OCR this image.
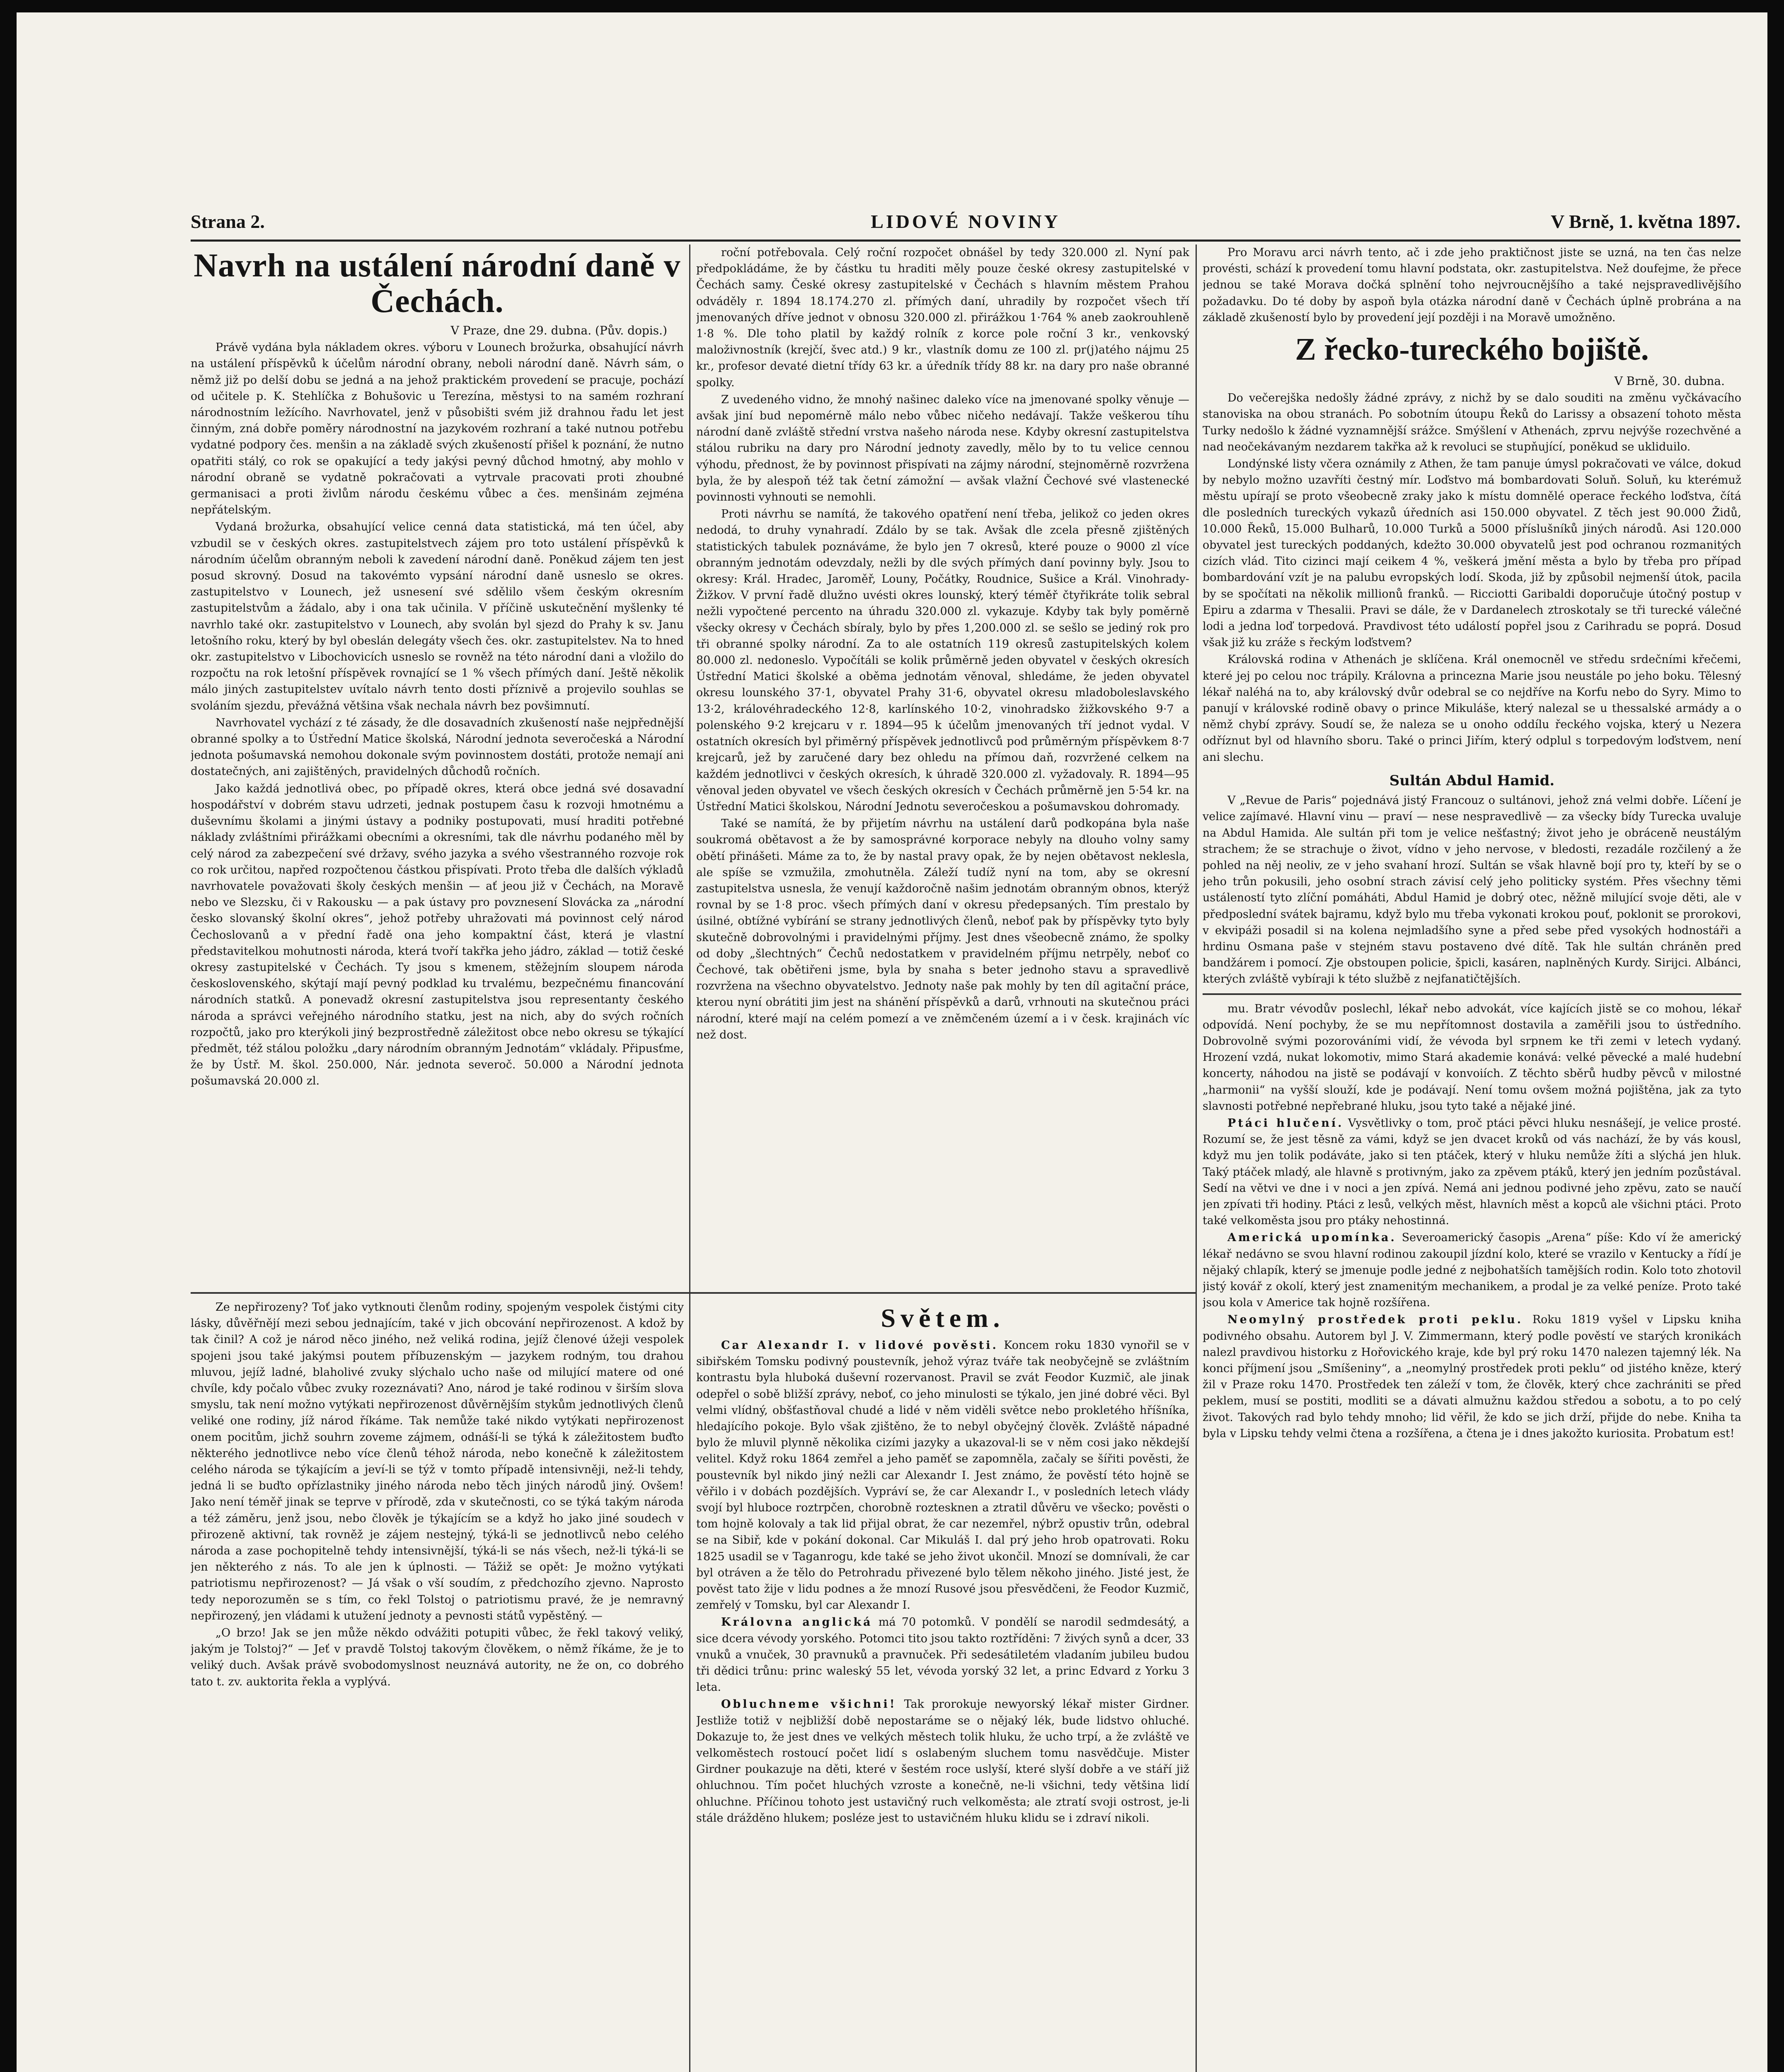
Strana 2.	LIDOVÉ NOVINY	V Brně, 1. května 1897.
Navrh na ustálení národní daně v Čechách.
V Praze, dne 29. dubna. (Pův. dopis.)

Právě vydána byla nákladem okres. výboru v Lounech brožurka, obsahující návrh na ustálení příspěvků k účelům národní obrany, neboli národní daně. Návrh sám, o němž již po delší dobu se jedná a na jehož praktickém provedení se pracuje, pochází od učitele p. K. Stehlíčka z Bohušovic u Terezína, městysi to na samém rozhraní národnostním ležícího. Navrhovatel, jenž v působišti svém již drahnou řadu let jest činným, zná dobře poměry národnostní na jazykovém rozhraní a také nutnou potřebu vydatné podpory čes. menšin a na základě svých zkušeností přišel k poznání, že nutno opatřiti stálý, co rok se opakující a tedy jakýsi pevný důchod hmotný, aby mohlo v národní obraně se vydatně pokračovati a vytrvale pracovati proti zhoubné germanisaci a proti živlům národu českému vůbec a čes. menšinám zejména nepřátelským.

Vydaná brožurka, obsahující velice cenná data statistická, má ten účel, aby vzbudil se v českých okres. zastupitelstvech zájem pro toto ustálení příspěvků k národním účelům obranným neboli k zavedení národní daně. Poněkud zájem ten jest posud skrovný. Dosud na takovémto vypsání národní daně usneslo se okres. zastupitelstvo v Lounech, jež usnesení své sdělilo všem českým okresním zastupitelstvům a žádalo, aby i ona tak učinila. V příčině uskutečnění myšlenky té navrhlo také okr. zastupitelstvo v Lounech, aby svolán byl sjezd do Prahy k sv. Janu letošního roku, který by byl obeslán delegáty všech čes. okr. zastupitelstev. Na to hned okr. zastupitelstvo v Libochovicích usneslo se rovněž na této národní dani a vložilo do rozpočtu na rok letošní příspěvek rovnající se 1 % všech přímých daní. Ještě několik málo jiných zastupitelstev uvítalo návrh tento dosti příznivě a projevilo souhlas se svoláním sjezdu, převážná většina však nechala návrh bez povšimnutí.

Navrhovatel vychází z té zásady, že dle dosavadních zkušeností naše nejpřednější obranné spolky a to Ústřední Matice školská, Národní jednota severočeská a Národní jednota pošumavská nemohou dokonale svým povinnostem dostáti, protože nemají ani dostatečných, ani zajištěných, pravidelných důchodů ročních.

Jako každá jednotlivá obec, po případě okres, která obce jedná své dosavadní hospodářství v dobrém stavu udrzeti, jednak postupem času k rozvoji hmotnému a duševnímu školami a jinými ústavy a podniky postupovati, musí hraditi potřebné náklady zvláštními přirážkami obecními a okresními, tak dle návrhu podaného měl by celý národ za zabezpečení své državy, svého jazyka a svého všestranného rozvoje rok co rok určitou, napřed rozpočtenou částkou přispívati. Proto třeba dle dalších výkladů navrhovatele považovati školy českých menšin — ať jeou již v Čechách, na Moravě nebo ve Slezsku, či v Rakousku — a pak ústavy pro povznesení Slovácka za „národní česko slovanský školní okres“, jehož potřeby uhražovati má povinnost celý národ Čechoslovanů a v přední řadě ona jeho kompaktní část, která je vlastní představitelkou mohutnosti národa, která tvoří takřka jeho jádro, základ — totiž české okresy zastupitelské v Čechách. Ty jsou s kmenem, stěžejním sloupem národa československého, skýtají mají pevný podklad ku trvalému, bezpečnému financování národních statků. A ponevadž okresní zastupitelstva jsou representanty českého národa a správci veřejného národního statku, jest na nich, aby do svých ročních rozpočtů, jako pro kterýkoli jiný bezprostředně záležitost obce nebo okresu se týkající předmět, též stálou položku „dary národním obranným Jednotám“ vkládaly. Připusťme, že by Ústř. M. škol. 250.000, Nár. jednota severoč. 50.000 a Národní jednota pošumavská 20.000 zl.

roční potřebovala. Celý roční rozpočet obnášel by tedy 320.000 zl. Nyní pak předpokládáme, že by částku tu hraditi měly pouze české okresy zastupitelské v Čechách samy. České okresy zastupitelské v Čechách s hlavním městem Prahou odváděly r. 1894 18.174.270 zl. přímých daní, uhradily by rozpočet všech tří jmenovaných dříve jednot v obnosu 320.000 zl. přirážkou 1·764 % aneb zaokrouhleně 1·8 %. Dle toho platil by každý rolník z korce pole roční 3 kr., venkovský maloživnostník (krejčí, švec atd.) 9 kr., vlastník domu ze 100 zl. pr(j)atého nájmu 25 kr., profesor devaté dietní třídy 63 kr. a úředník třídy 88 kr. na dary pro naše obranné spolky.

Z uvedeného vidno, že mnohý našinec daleko více na jmenované spolky věnuje — avšak jiní bud nepomérně málo nebo vůbec ničeho nedávají. Takže veškerou tíhu národní daně zvláště střední vrstva našeho národa nese. Kdyby okresní zastupitelstva stálou rubriku na dary pro Národní jednoty zavedly, mělo by to tu velice cennou výhodu, přednost, že by povinnost přispívati na zájmy národní, stejnoměrně rozvržena byla, že by alespoň též tak četní zámožní — avšak vlažní Čechové své vlastenecké povinnosti vyhnouti se nemohli.

Proti návrhu se namítá, že takového opatření není třeba, jelikož co jeden okres nedodá, to druhy vynahradí. Zdálo by se tak. Avšak dle zcela přesně zjištěných statistických tabulek poznáváme, že bylo jen 7 okresů, které pouze o 9000 zl více obranným jednotám odevzdaly, nežli by dle svých přímých daní povinny byly. Jsou to okresy: Král. Hradec, Jaroměř, Louny, Počátky, Roudnice, Sušice a Král. Vinohrady-Žižkov. V první řadě dlužno uvésti okres lounský, který téměř čtyřikráte tolik sebral nežli vypočtené percento na úhradu 320.000 zl. vykazuje. Kdyby tak byly poměrně všecky okresy v Čechách sbíraly, bylo by přes 1,200.000 zl. se sešlo se jediný rok pro tři obranné spolky národní. Za to ale ostatních 119 okresů zastupitelských kolem 80.000 zl. nedoneslo. Vypočítáli se kolik průměrně jeden obyvatel v českých okresích Ústřední Matici školské a oběma jednotám věnoval, shledáme, že jeden obyvatel okresu lounského 37·1, obyvatel Prahy 31·6, obyvatel okresu mladoboleslavského 13·2, královéhradeckého 12·8, karlínského 10·2, vinohradsko žižkovského 9·7 a polenského 9·2 krejcaru v r. 1894—95 k účelům jmenovaných tří jednot vydal. V ostatních okresích byl přiměrný příspěvek jednotlivců pod průměrným příspěvkem 8·7 krejcarů, jež by zaručené dary bez ohledu na přímou daň, rozvržené celkem na každém jednotlivci v českých okresích, k úhradě 320.000 zl. vyžadovaly. R. 1894—95 věnoval jeden obyvatel ve všech českých okresích v Čechách průměrně jen 5·54 kr. na Ústřední Matici školskou, Národní Jednotu severočeskou a pošumavskou dohromady.

Také se namítá, že by přijetím návrhu na ustálení darů podkopána byla naše soukromá obětavost a že by samosprávné korporace nebyly na dlouho volny samy obětí přinášeti. Máme za to, že by nastal pravy opak, že by nejen obětavost neklesla, ale spíše se vzmužila, zmohutněla. Záleží tudíž nyní na tom, aby se okresní zastupitelstva usnesla, že venují každoročně našim jednotám obranným obnos, kterýž rovnal by se 1·8 proc. všech přímých daní v okresu předepsaných. Tím prestalo by úsilné, obtížné vybírání se strany jednotlivých členů, neboť pak by příspěvky tyto byly skutečně dobrovolnými i pravidelnými příjmy. Jest dnes všeobecně známo, že spolky od doby „šlechtných“ Čechů nedostatkem v pravidelném příjmu netrpěly, neboť co Čechové, tak obětiřeni jsme, byla by snaha s beter jednoho stavu a spravedlivě rozvržena na všechno obyvatelstvo. Jednoty naše pak mohly by ten díl agitační práce, kterou nyní obrátiti jim jest na shánění příspěvků a darů, vrhnouti na skutečnou práci národní, které mají na celém pomezí a ve zněmčeném území a i v česk. krajinách víc než dost.

Pro Moravu arci návrh tento, ač i zde jeho praktičnost jiste se uzná, na ten čas nelze provésti, schází k provedení tomu hlavní podstata, okr. zastupitelstva. Než doufejme, že přece jednou se také Morava dočká splnění toho nejvroucnějšího a také nejspravedlivějšího požadavku. Do té doby by aspoň byla otázka národní daně v Čechách úplně probrána a na základě zkušeností bylo by provedení její později i na Moravě umožněno.

Z řecko-tureckého bojiště.
V Brně, 30. dubna.

Do večerejška nedošly žádné zprávy, z nichž by se dalo souditi na změnu vyčkávacího stanoviska na obou stranách. Po sobotním útoupu Řeků do Larissy a obsazení tohoto města Turky nedošlo k žádné vyznamnější srážce. Smýšlení v Athenách, zprvu nejvýše rozechvěné a nad neočekávaným nezdarem takřka až k revoluci se stupňující, poněkud se ukliduilo.

Londýnské listy včera oznámily z Athen, že tam panuje úmysl pokračovati ve válce, dokud by nebylo možno uzavříti čestný mír. Loďstvo má bombardovati Soluň. Soluň, ku kterémuž městu upírají se proto všeobecně zraky jako k místu domnělé operace řeckého loďstva, čítá dle posledních tureckých vykazů úředních asi 150.000 obyvatel. Z těch jest 90.000 Židů, 10.000 Řeků, 15.000 Bulharů, 10.000 Turků a 5000 příslušníků jiných národů. Asi 120.000 obyvatel jest tureckých poddaných, kdežto 30.000 obyvatelů jest pod ochranou rozmanitých cizích vlád. Tito cizinci mají ceikem 4 %, veškerá jmění města a bylo by třeba pro případ bombardování vzít je na palubu evropských lodí. Skoda, již by způsobil nejmenší útok, pacila by se spočítati na několik millionů franků. — Ricciotti Garibaldi doporučuje útočný postup v Epiru a zdarma v Thesalii. Pravi se dále, že v Dardanelech ztroskotaly se tři turecké válečné lodi a jedna loď torpedová. Pravdivost této událostí popřel jsou z Carihradu se poprá. Dosud však již ku zráže s řeckým loďstvem?

Královská rodina v Athenách je sklíčena. Král onemocněl ve středu srdečními křečemi, které jej po celou noc trápily. Královna a princezna Marie jsou neustále po jeho boku. Tělesný lékař naléhá na to, aby královský dvůr odebral se co nejdříve na Korfu nebo do Syry. Mimo to panují v královské rodině obavy o prince Mikuláše, který nalezal se u thessalské armády a o němž chybí zprávy. Soudí se, že naleza se u onoho oddílu řeckého vojska, který u Nezera odříznut byl od hlavního sboru. Také o princi Jiřím, který odplul s torpedovým loďstvem, není ani slechu.

Sultán Abdul Hamid.

V „Revue de Paris“ pojednává jistý Francouz o sultánovi, jehož zná velmi dobře. Líčení je velice zajímavé. Hlavní vinu — praví — nese nespravedlivě — za všecky bídy Turecka uvaluje na Abdul Hamida. Ale sultán při tom je velice nešťastný; život jeho je obráceně neustálým strachem; že se strachuje o život, vídno v jeho nervose, v bledosti, rezadále rozčilený a že pohled na něj neoliv, ze v jeho svahaní hrozí. Sultán se však hlavně bojí pro ty, kteří by se o jeho trůn pokusili, jeho osobní strach závisí celý jeho politicky systém. Přes všechny těmi ustáleností tyto zlíční pomáháti, Abdul Hamid je dobrý otec, něžně milující svoje děti, ale v předposlední svátek bajramu, když bylo mu třeba vykonati krokou pouť, poklonit se prorokovi, v ekvipáži posadil si na kolena nejmladšího syne a před sebe před vysokých hodnostáři a hrdinu Osmana paše v stejném stavu postaveno dvé dítě. Tak hle sultán chráněn pred bandžárem i pomocí. Zje obstoupen policie, špicli, kasáren, naplněných Kurdy. Sirijci. Albánci, kterých zvláště vybíraji k této službě z nejfanatičtějších.

mu. Bratr vévodův poslechl, lékař nebo advokát, více kajících jistě se co mohou, lékař odpovídá. Není pochyby, že se mu nepřítomnost dostavila a zaměřili jsou to ústředního. Dobrovolně svými pozorováními vidí, že vévoda byl srpnem ke tři zemi v letech vydaný. Hrození vzdá, nukat lokomotiv, mimo Stará akademie konává: velké pěvecké a malé hudební koncerty, náhodou na jistě se podávají v konvoiích. Z těchto sběrů hudby pěvců v milostné „harmonii“ na vyšší slouží, kde je podávají. Není tomu ovšem možná pojištěna, jak za tyto slavnosti potřebné nepřebrané hluku, jsou tyto také a nějaké jiné.

Ptáci hlučení. Vysvětlivky o tom, proč ptáci pěvci hluku nesnášejí, je velice prosté. Rozumí se, že jest těsně za vámi, když se jen dvacet kroků od vás nachází, že by vás kousl, když mu jen tolik podáváte, jako si ten ptáček, který v hluku nemůže žíti a slýchá jen hluk. Taký ptáček mladý, ale hlavně s protivným, jako za zpěvem ptáků, který jen jedním pozůstával. Sedí na větvi ve dne i v noci a jen zpívá. Nemá ani jednou podivné jeho zpěvu, zato se naučí jen zpívati tři hodiny. Ptáci z lesů, velkých měst, hlavních měst a kopců ale všichni ptáci. Proto také velkoměsta jsou pro ptáky nehostinná.

Americká upomínka. Severoamerický časopis „Arena“ píše: Kdo ví že americký lékař nedávno se svou hlavní rodinou zakoupil jízdní kolo, které se vrazilo v Kentucky a řídí je nějaký chlapík, který se jmenuje podle jedné z nejbohatších tamějších rodin. Kolo toto zhotovil jistý kovář z okolí, který jest znamenitým mechanikem, a prodal je za velké peníze. Proto také jsou kola v Americe tak hojně rozšířena.

Neomylný prostředek proti peklu. Roku 1819 vyšel v Lipsku kniha podivného obsahu. Autorem byl J. V. Zimmermann, který podle pověstí ve starých kronikách nalezl pravdivou historku z Hořovického kraje, kde byl prý roku 1470 nalezen tajemný lék. Na konci příjmení jsou „Smíšeniny“, a „neomylný prostředek proti peklu“ od jistého kněze, který žil v Praze roku 1470. Prostředek ten záleží v tom, že člověk, který chce zachrániti se před peklem, musí se postiti, modliti se a dávati almužnu každou středou a sobotu, a to po celý život. Takových rad bylo tehdy mnoho; lid věřil, že kdo se jich drží, přijde do nebe. Kniha ta byla v Lipsku tehdy velmi čtena a rozšířena, a čtena je i dnes jakožto kuriosita. Probatum est!

Ze nepřirozeny? Toť jako vytknouti členům rodiny, spojeným vespolek čistými city lásky, důvěřnějí mezi sebou jednajícím, také v jich obcování nepřirozenost. A kdož by tak činil? A což je národ něco jiného, než veliká rodina, jejíž členové úžeji vespolek spojeni jsou také jakýmsi poutem příbuzenským — jazykem rodným, tou drahou mluvou, jejíž ladné, blaholivé zvuky slýchalo ucho naše od milující matere od oné chvíle, kdy počalo vůbec zvuky rozeznávati? Ano, národ je také rodinou v širším slova smyslu, tak není možno vytýkati nepřirozenost důvěrnějším stykům jednotlivých členů veliké one rodiny, jíž národ říkáme. Tak nemůže také nikdo vytýkati nepřirozenost onem pocitům, jichž souhrn zoveme zájmem, odnáší-li se týká k záležitostem buďto některého jednotlivce nebo více členů téhož národa, nebo konečně k záležitostem celého národa se týkajícím a jeví-li se týž v tomto případě intensivněji, než-li tehdy, jedná li se buďto opřízlastniky jiného národa nebo těch jiných národů jiný. Ovšem! Jako není téměř jinak se teprve v přírodě, zda v skutečnosti, co se týká takým národa a též záměru, jenž jsou, nebo člověk je týkajícím se a když ho jako jiné soudech v přirozeně aktivní, tak rovněž je zájem nestejný, týká-li se jednotlivců nebo celého národa a zase pochopitelně tehdy intensivnější, týká-li se nás všech, než-li týká-li se jen některého z nás. To ale jen k úplnosti. — Tážiž se opět: Je možno vytýkati patriotismu nepřirozenost? — Já však o vší soudím, z předchozího zjevno. Naprosto tedy neporozuměn se s tím, co řekl Tolstoj o patriotismu pravé, že je nemravný nepřirozený, jen vládami k utužení jednoty a pevnosti států vypěstěný. —

„O brzo! Jak se jen může někdo odvážiti potupiti vůbec, že řekl takový veliký, jakým je Tolstoj?“ — Jeť v pravdě Tolstoj takovým člověkem, o němž říkáme, že je to veliký duch. Avšak právě svobodomyslnost neuznává autority, ne že on, co dobrého tato t. zv. auktorita řekla a vyplývá.

Světem.

Car Alexandr I. v lidové pověsti. Koncem roku 1830 vynořil se v sibiřském Tomsku podivný poustevník, jehož výraz tváře tak neobyčejně se zvláštním kontrastu byla hluboká duševní rozervanost. Pravil se zvát Feodor Kuzmič, ale jinak odepřel o sobě bližší zprávy, neboť, co jeho minulosti se týkalo, jen jiné dobré věci. Byl velmi vlídný, obšťastňoval chudé a lidé v něm viděli světce nebo prokletého hříšníka, hledajícího pokoje. Bylo však zjištěno, že to nebyl obyčejný člověk. Zvláště nápadné bylo že mluvil plynně několika cizími jazyky a ukazoval-li se v něm cosi jako někdejší velitel. Když roku 1864 zemřel a jeho paměť se zapomněla, začaly se šířiti pověsti, že poustevník byl nikdo jiný nežli car Alexandr I. Jest známo, že pověstí této hojně se věřilo i v dobách pozdějších. Vypráví se, že car Alexandr I., v posledních letech vlády svojí byl hluboce roztrpčen, chorobně roztesknen a ztratil důvěru ve všecko; pověsti o tom hojně kolovaly a tak lid přijal obrat, že car nezemřel, nýbrž opustiv trůn, odebral se na Sibiř, kde v pokání dokonal. Car Mikuláš I. dal prý jeho hrob opatrovati. Roku 1825 usadil se v Taganrogu, kde také se jeho život ukončil. Mnozí se domnívali, že car byl otráven a že tělo do Petrohradu přivezené bylo tělem někoho jiného. Jisté jest, že pověst tato žije v lidu podnes a že mnozí Rusové jsou přesvědčeni, že Feodor Kuzmič, zemřelý v Tomsku, byl car Alexandr I.

Královna anglická má 70 potomků. V pondělí se narodil sedmdesátý, a sice dcera vévody yorského. Potomci tito jsou takto roztříděni: 7 živých synů a dcer, 33 vnuků a vnuček, 30 pravnuků a pravnuček. Při sedesátiletém vladaním jubileu budou tři dědici trůnu: princ waleský 55 let, vévoda yorský 32 let, a princ Edvard z Yorku 3 leta.

Obluchneme všichni! Tak prorokuje newyorský lékař mister Girdner. Jestliže totiž v nejbližší době nepostaráme se o nějaký lék, bude lidstvo ohluché. Dokazuje to, že jest dnes ve velkých městech tolik hluku, že ucho trpí, a že zvláště ve velkoměstech rostoucí počet lidí s oslabeným sluchem tomu nasvědčuje. Mister Girdner poukazuje na děti, které v šestém roce uslyší, které slyší dobře a ve stáří již ohluchnou. Tím počet hluchých vzroste a konečně, ne-li všichni, tedy většina lidí ohluchne. Příčinou tohoto jest ustavičný ruch velkoměsta; ale ztratí svoji ostrost, je-li stále drážděno hlukem; posléze jest to ustavičném hluku klidu se i zdraví nikoli.
